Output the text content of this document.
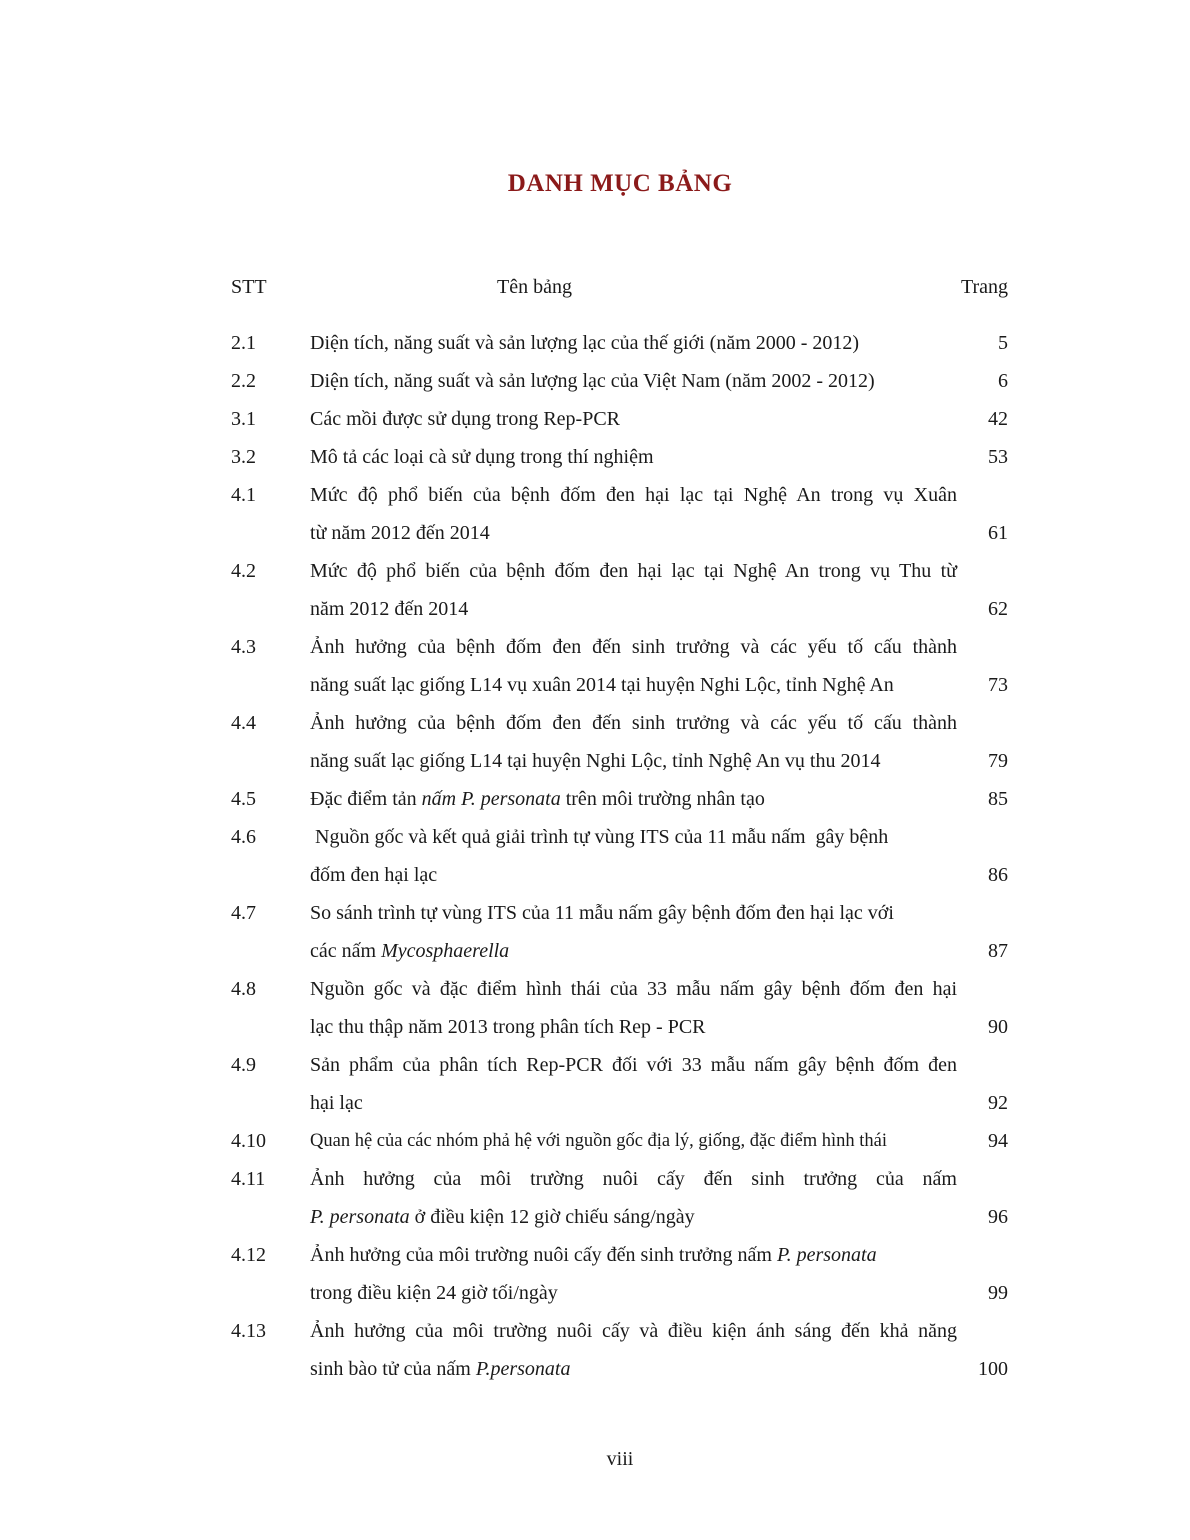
DANH MỤC BẢNG
STT	Tên bảng	Trang
2.1	Diện tích, năng suất và sản lượng lạc của thế giới (năm 2000 - 2012)	5
2.2	Diện tích, năng suất và sản lượng lạc của Việt Nam (năm 2002 - 2012)	6
3.1	Các mồi được sử dụng trong Rep-PCR	42
3.2	Mô tả các loại cà sử dụng trong thí nghiệm	53
4.1	Mức độ phổ biến của bệnh đốm đen hại lạc tại Nghệ An trong vụ Xuân
từ năm 2012 đến 2014	61
4.2	Mức độ phổ biến của bệnh đốm đen hại lạc tại Nghệ An trong vụ Thu từ
năm 2012 đến 2014	62
4.3	Ảnh hưởng của bệnh đốm đen đến sinh trưởng và các yếu tố cấu thành
năng suất lạc giống L14 vụ xuân 2014 tại huyện Nghi Lộc, tỉnh Nghệ An	73
4.4	Ảnh hưởng của bệnh đốm đen đến sinh trưởng và các yếu tố cấu thành
năng suất lạc giống L14 tại huyện Nghi Lộc, tỉnh Nghệ An vụ thu 2014	79
4.5	Đặc điểm tản nấm P. personata trên môi trường nhân tạo	85
4.6	Nguồn gốc và kết quả giải trình tự vùng ITS của 11 mẫu nấm  gây bệnh
đốm đen hại lạc	86
4.7	So sánh trình tự vùng ITS của 11 mẫu nấm gây bệnh đốm đen hại lạc với
các nấm Mycosphaerella	87
4.8	Nguồn gốc và đặc điểm hình thái của 33 mẫu nấm gây bệnh đốm đen hại
lạc thu thập năm 2013 trong phân tích Rep - PCR	90
4.9	Sản phẩm của phân tích Rep-PCR đối với 33 mẫu nấm gây bệnh đốm đen
hại lạc	92
4.10 Quan hệ của các nhóm phả hệ với nguồn gốc địa lý, giống, đặc điểm hình thái	94
4.11 Ảnh hưởng của môi trường nuôi cấy đến sinh trưởng của nấm
P. personata ở điều kiện 12 giờ chiếu sáng/ngày	96
4.12 Ảnh hưởng của môi trường nuôi cấy đến sinh trưởng nấm P. personata
trong điều kiện 24 giờ tối/ngày	99
4.13 Ảnh hưởng của môi trường nuôi cấy và điều kiện ánh sáng đến khả năng
sinh bào tử của nấm P.personata	100
viii
